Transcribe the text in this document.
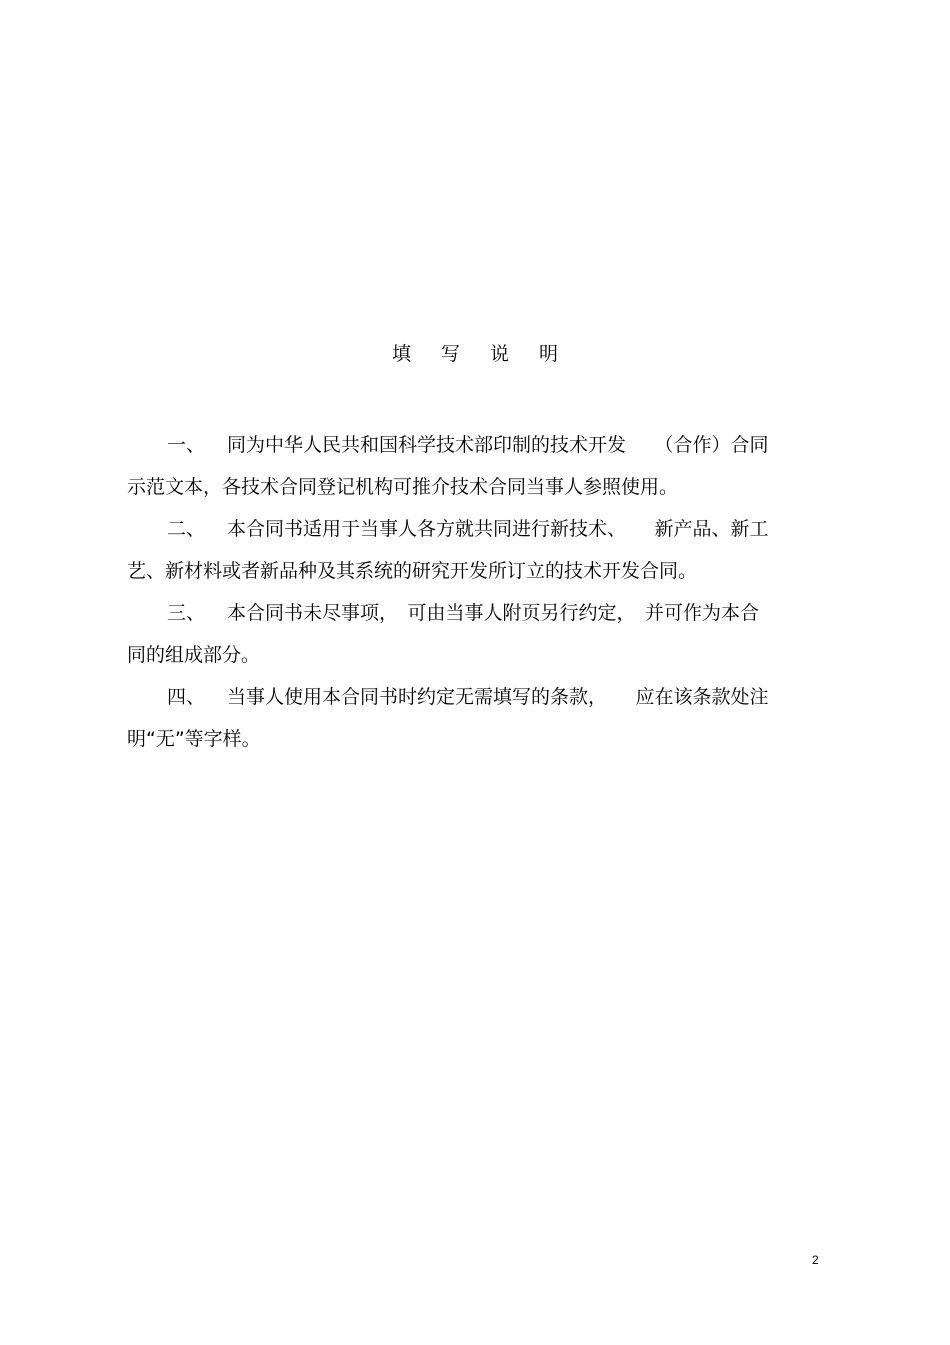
填 写 说 明

一、 同为中华人民共和国科学技术部印制的技术开发　　（合作）合同
示范文本，各技术合同登记机构可推介技术合同当事人参照使用。

二、 本合同书适用于当事人各方就共同进行新技术、　　新产品、新工
艺、新材料或者新品种及其系统的研究开发所订立的技术开发合同。

三、 本合同书未尽事项，　可由当事人附页另行约定，　并可作为本合
同的组成部分。

四、 当事人使用本合同书时约定无需填写的条款，　　应在该条款处注
明“无”等字样。

2
